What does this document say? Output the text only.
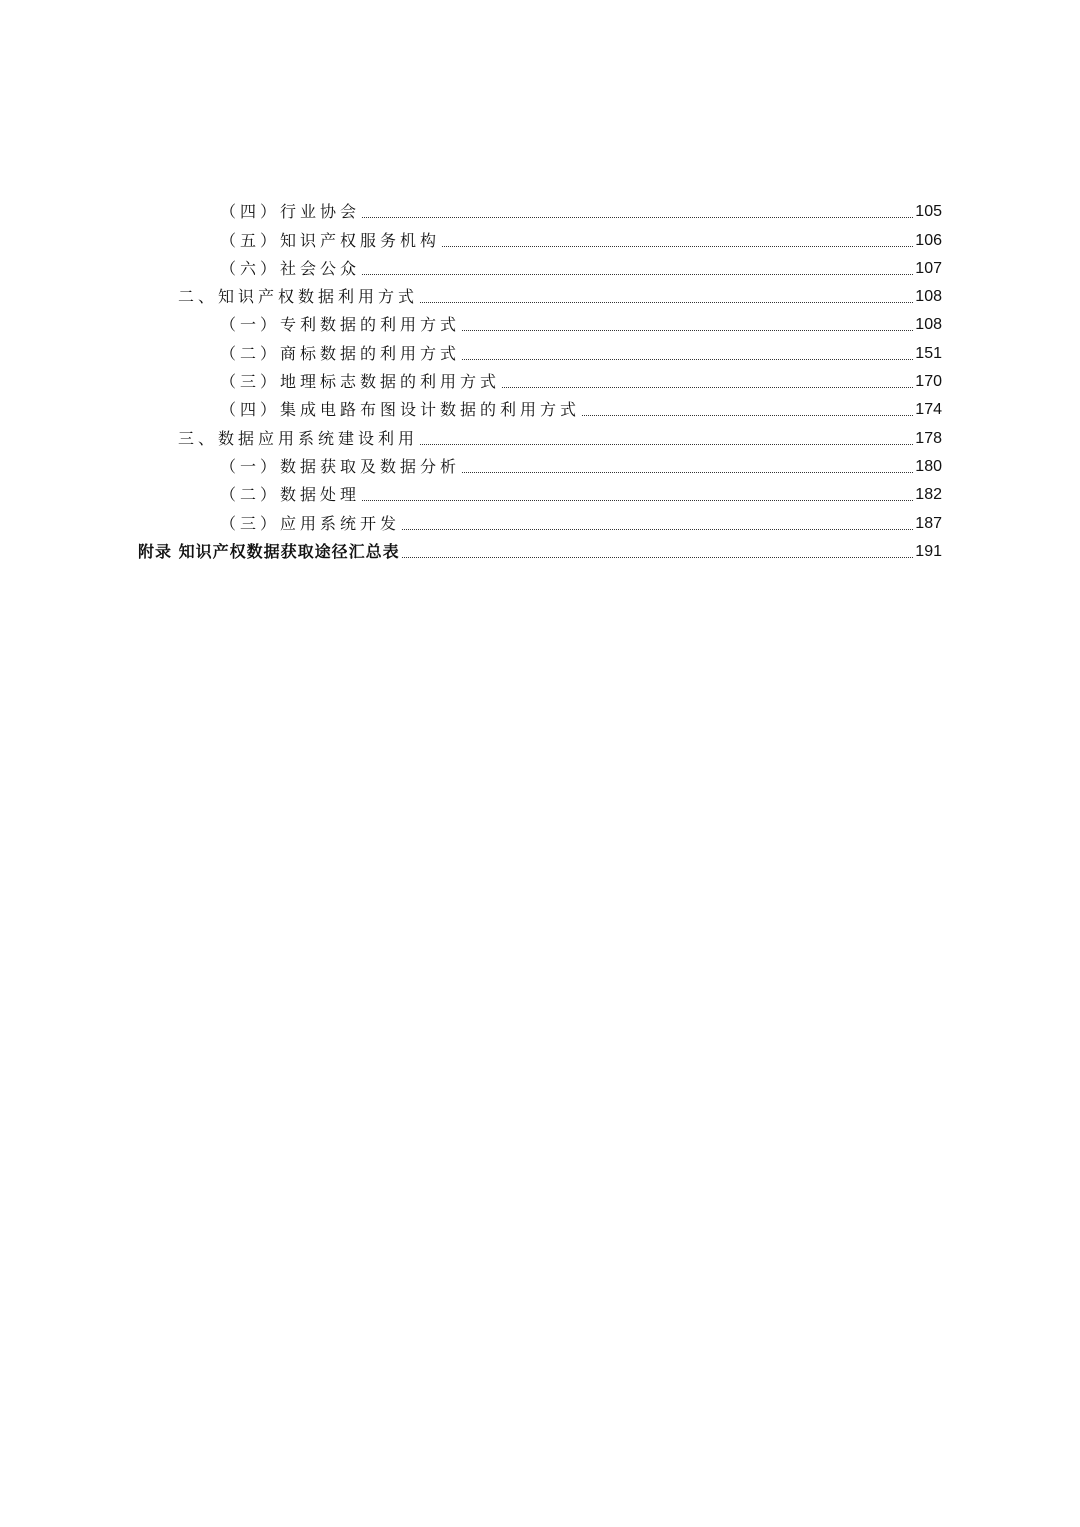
（四）行业协会	105
（五）知识产权服务机构	106
（六）社会公众	107
二、知识产权数据利用方式	108
（一）专利数据的利用方式	108
（二）商标数据的利用方式	151
（三）地理标志数据的利用方式	170
（四）集成电路布图设计数据的利用方式	174
三、数据应用系统建设利用	178
（一）数据获取及数据分析	180
（二）数据处理	182
（三）应用系统开发	187
附录 知识产权数据获取途径汇总表	191
